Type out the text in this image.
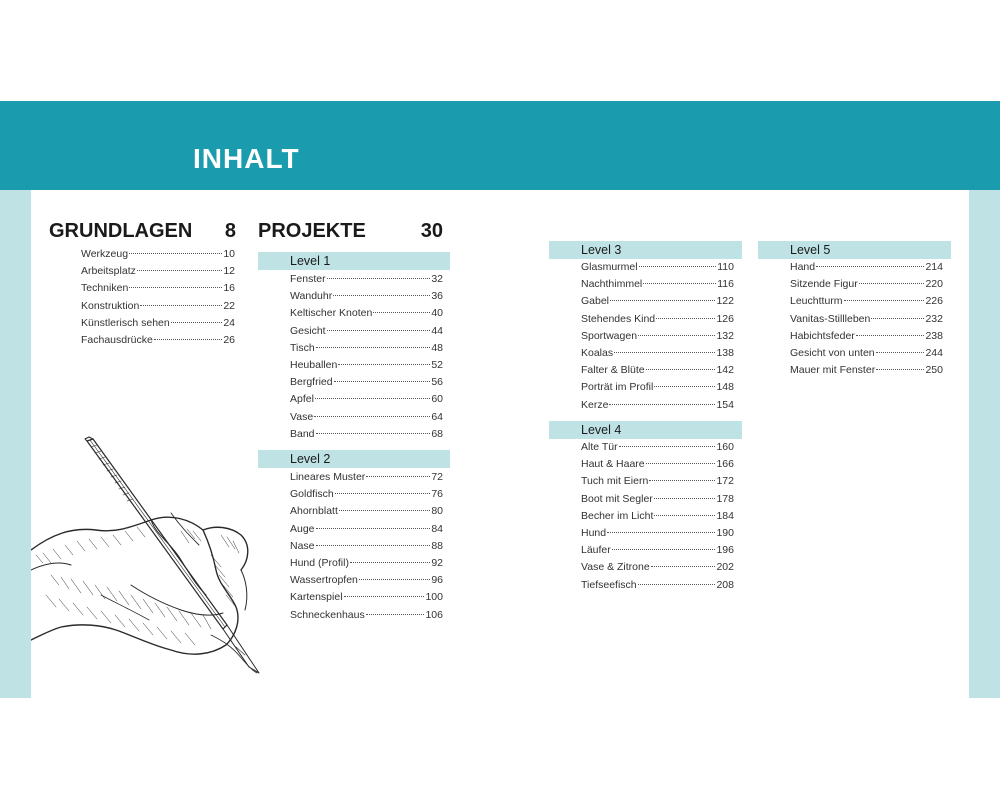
INHALT
GRUNDLAGEN 8
Werkzeug	10
Arbeitsplatz	12
Techniken	16
Konstruktion	22
Künstlerisch sehen	24
Fachausdrücke	26
PROJEKTE	30
Level 1
Fenster	32
Wanduhr	36
Keltischer Knoten	40
Gesicht	44
Tisch	48
Heuballen	52
Bergfried	56
Apfel	60
Vase	64
Band	68
Level 2
Lineares Muster	72
Goldfisch	76
Ahornblatt	80
Auge	84
Nase	88
Hund (Profil)	92
Wassertropfen	96
Kartenspiel	100
Schneckenhaus	106
Level 3
Glasmurmel	110
Nachthimmel	116
Gabel	122
Stehendes Kind	126
Sportwagen	132
Koalas	138
Falter & Blüte	142
Porträt im Profil	148
Kerze	154
Level 4
Alte Tür	160
Haut & Haare	166
Tuch mit Eiern	172
Boot mit Segler	178
Becher im Licht	184
Hund	190
Läufer	196
Vase & Zitrone	202
Tiefseefisch	208
Level 5
Hand	214
Sitzende Figur	220
Leuchtturm	226
Vanitas-Stillleben	232
Habichtsfeder	238
Gesicht von unten	244
Mauer mit Fenster	250
